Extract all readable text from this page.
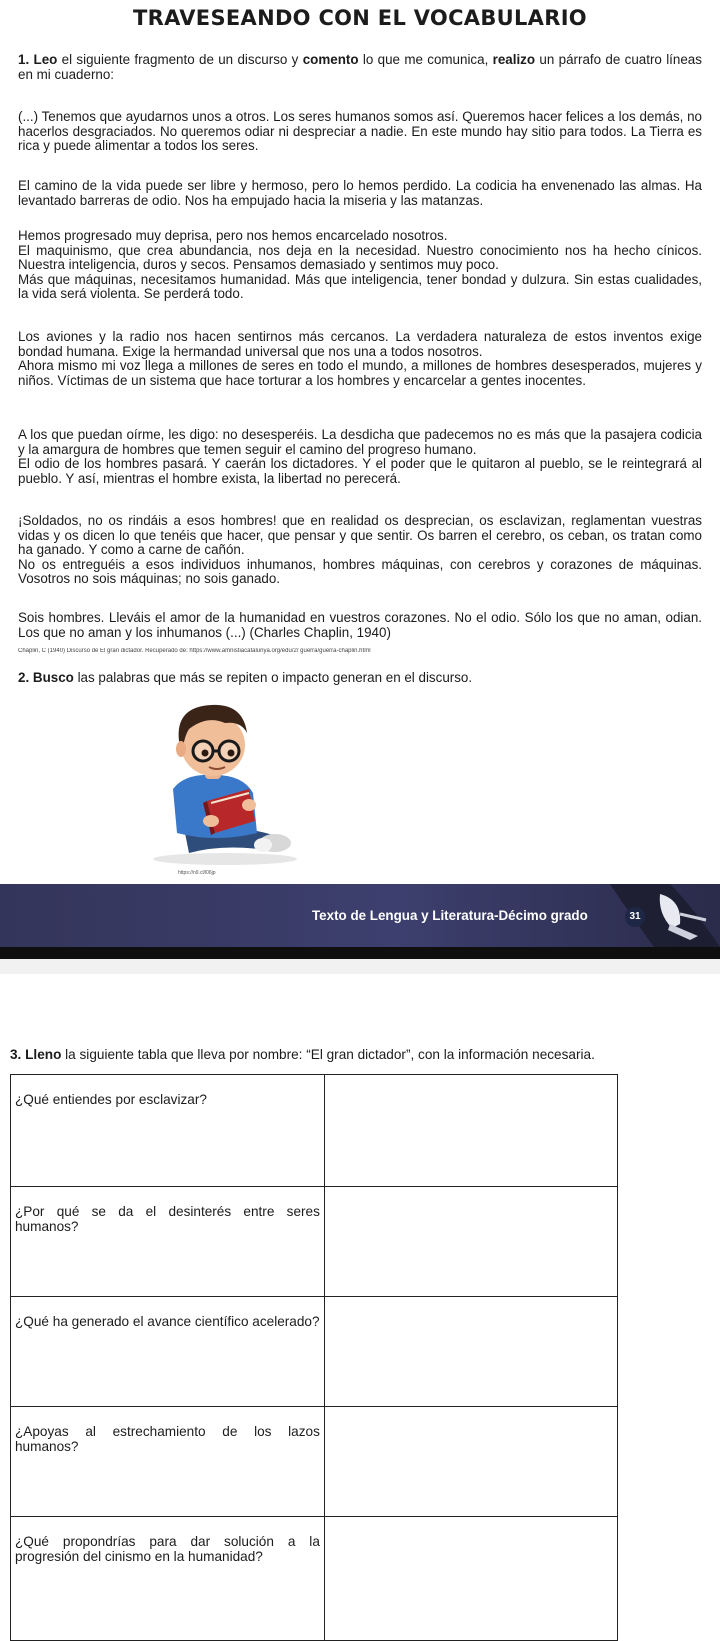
TRAVESEANDO CON EL VOCABULARIO
1. Leo el siguiente fragmento de un discurso y comento lo que me comunica, realizo un párrafo de cuatro líneas en mi cuaderno:
(...) Tenemos que ayudarnos unos a otros. Los seres humanos somos así. Queremos hacer felices a los demás, no hacerlos desgraciados. No queremos odiar ni despreciar a nadie. En este mundo hay sitio para todos. La Tierra es rica y puede alimentar a todos los seres.
El camino de la vida puede ser libre y hermoso, pero lo hemos perdido. La codicia ha envenenado las almas. Ha levantado barreras de odio. Nos ha empujado hacia la miseria y las matanzas.
Hemos progresado muy deprisa, pero nos hemos encarcelado nosotros.
El maquinismo, que crea abundancia, nos deja en la necesidad. Nuestro conocimiento nos ha hecho cínicos. Nuestra inteligencia, duros y secos. Pensamos demasiado y sentimos muy poco.
Más que máquinas, necesitamos humanidad. Más que inteligencia, tener bondad y dulzura. Sin estas cualidades, la vida será violenta. Se perderá todo.
Los aviones y la radio nos hacen sentirnos más cercanos. La verdadera naturaleza de estos inventos exige bondad humana. Exige la hermandad universal que nos una a todos nosotros.
Ahora mismo mi voz llega a millones de seres en todo el mundo, a millones de hombres desesperados, mujeres y niños. Víctimas de un sistema que hace torturar a los hombres y encarcelar a gentes inocentes.
A los que puedan oírme, les digo: no desesperéis. La desdicha que padecemos no es más que la pasajera codicia y la amargura de hombres que temen seguir el camino del progreso humano.
El odio de los hombres pasará. Y caerán los dictadores. Y el poder que le quitaron al pueblo, se le reintegrará al pueblo. Y así, mientras el hombre exista, la libertad no perecerá.
¡Soldados, no os rindáis a esos hombres! que en realidad os desprecian, os esclavizan, reglamentan vuestras vidas y os dicen lo que tenéis que hacer, que pensar y que sentir. Os barren el cerebro, os ceban, os tratan como ha ganado. Y como a carne de cañón.
No os entreguéis a esos individuos inhumanos, hombres máquinas, con cerebros y corazones de máquinas. Vosotros no sois máquinas; no sois ganado.
Sois hombres. Lleváis el amor de la humanidad en vuestros corazones. No el odio. Sólo los que no aman, odian. Los que no aman y los inhumanos (...) (Charles Chaplin, 1940)
Chaplin, C (1940) Discurso de El gran dictador. Recuperado de: https://www.amnistiacatalunya.org/edu/2/ guerra/guerra-chaplin.html
2. Busco las palabras que más se repiten o impacto generan en el discurso.
https://n9.cl/l06jp
Texto de Lengua y Literatura-Décimo grado	31
3. Lleno la siguiente tabla que lleva por nombre: “El gran dictador”, con la información necesaria.
¿Qué entiendes por esclavizar?	
¿Por qué se da el desinterés entre seres humanos?	
¿Qué ha generado el avance científico acelerado?	
¿Apoyas al estrechamiento de los lazos humanos?	
¿Qué propondrías para dar solución a la progresión del cinismo en la humanidad?	
